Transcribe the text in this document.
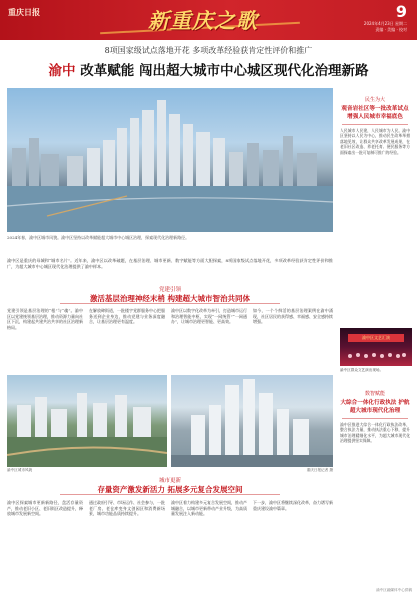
重庆日报	新重庆之歌	9
2024年4月23日 星期二
责编 · 美编 · 校对
8项国家级试点落地开花 多项改革经验获肯定性评价和推广
渝中 改革赋能 闯出超大城市中心城区现代化治理新路
2024年春，渝中区城市风貌。渝中区坚持以改革赋能超大城市中心城区治理，探索现代化治理新路径。
渝中区是重庆的母城和“城市名片”。近年来，渝中区以改革破题，在基层治理、城市更新、数字赋能等方面大胆探索，8项国家级试点落地开花，多项改革经验获肯定性评价和推广，为超大城市中心城区现代化治理提供了渝中样本。
党建引领
激活基层治理神经末梢 构建超大城市智治共同体
党建引领是基层治理的“根”与“魂”。渝中区以党建统领基层治理，推动资源力量向社区下沉，构建起共建共治共享的社区治理新格局。
在解放碑街道，一批楼宇党群服务中心把服务送到企业身边，推动党建与业务深度融合，让基层治理更有温度。
渝中区以数字化改革为牵引，打造城市运行和治理智能中枢，实现“一网统管”“一网通办”，让城市治理更智能、更高效。
如今，一个个鲜活的基层治理案例在渝中涌现，社区居民的获得感、幸福感、安全感持续增强。
渝中区城市风貌	重庆日报记者 摄
城市更新
存量资产激发新活力 拓展多元复合发展空间
渝中区探索城市更新新路径，盘活存量资产，推动老旧小区、老旧街区改造提升，释放城市发展新空间。
通过政府引导、市场运作、社会参与，一批老厂房、老仓库变身文创园区和消费新场景，城市功能品质持续提升。
渝中区着力构建多元复合发展空间，推动产城融合，以城市更新带动产业升级，为高质量发展注入新动能。
下一步，渝中区将继续深化改革，奋力谱写新重庆建设渝中篇章。
民生为大
观音岩社区等一批改革试点 增强人民城市幸福底色
人民城市人民建，人民城市为人民。渝中区坚持以人民为中心，推动民生改革举措落地见效，让群众共享改革发展成果，在老旧社区改造、养老托育、便民服务等方面探索出一批可复制可推广的经验。
渝中区文艺汇演
渝中区群众文艺演出现场。
数智赋能
大综合一体化行政执法 护航超大城市现代化治理
渝中区推进大综合一体化行政执法改革，整合执法力量，推动执法重心下移，提升城市治理精细化水平，为超大城市现代化治理提供坚实保障。
渝中区融媒体中心供稿
